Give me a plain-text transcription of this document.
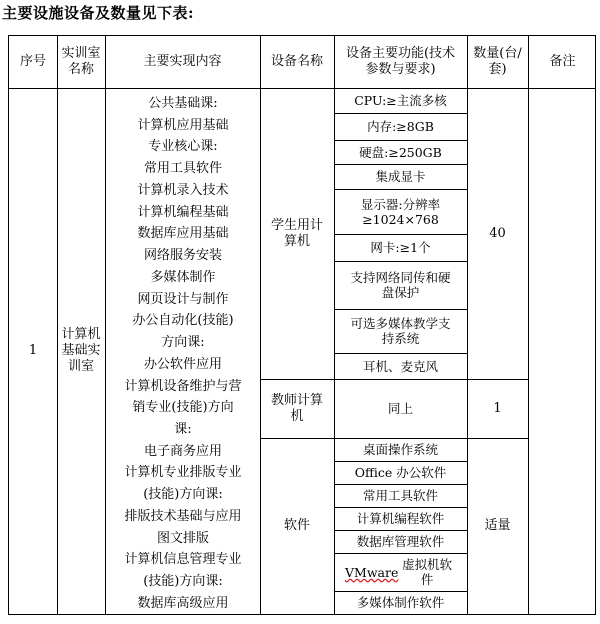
主要设施设备及数量见下表:
序号
实训室名称
主要实现内容	设备名称
设备主要功能(技术参数与要求)
数量(台/套)
备注
1
计算机基础实训室
公共基础课:
计算机应用基础
专业核心课:
常用工具软件
计算机录入技术
计算机编程基础
数据库应用基础
网络服务安装
多媒体制作
网页设计与制作
办公自动化(技能)
方向课:
办公软件应用
计算机设备维护与营
销专业(技能)方向
课:
电子商务应用
计算机专业排版专业
(技能)方向课:
排版技术基础与应用
图文排版
计算机信息管理专业
(技能)方向课:
数据库高级应用
学生用计算机
教师计算机
软件
40
1
适量
CPU:≥主流多核
内存:≥8GB
硬盘:≥250GB
集成显卡
显示器:分辨率≥1024×768
网卡:≥1个
支持网络同传和硬盘保护
可选多媒体教学支持系统
耳机、麦克风
同上
桌面操作系统
Office 办公软件
常用工具软件
计算机编程软件
数据库管理软件
VMware 虚拟机软件
多媒体制作软件
